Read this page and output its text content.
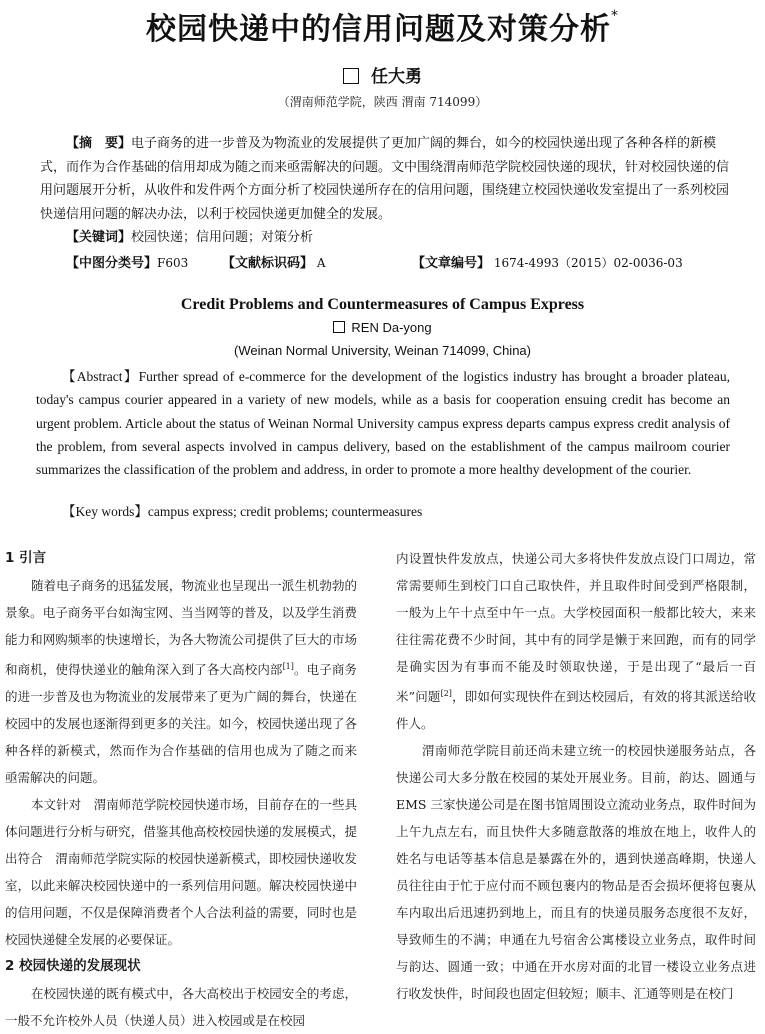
校园快递中的信用问题及对策分析*
任大勇
（渭南师范学院，陕西 渭南 714099）

【摘　要】电子商务的进一步普及为物流业的发展提供了更加广阔的舞台，如今的校园快递出现了各种各样的新模式，而作为合作基础的信用却成为随之而来亟需解决的问题。文中围绕渭南师范学院校园快递的现状，针对校园快递的信用问题展开分析，从收件和发件两个方面分析了校园快递所存在的信用问题，围绕建立校园快递收发室提出了一系列校园快递信用问题的解决办法，以利于校园快递更加健全的发展。

【关键词】校园快递；信用问题；对策分析

【中图分类号】F603	【文献标识码】 A	【文章编号】 1674-4993（2015）02-0036-03
Credit Problems and Countermeasures of Campus Express
REN Da-yong
(Weinan Normal University, Weinan 714099, China)
【Abstract】Further spread of e-commerce for the development of the logistics industry has brought a broader plateau, today's campus courier appeared in a variety of new models, while as a basis for cooperation ensuing credit has become an urgent problem. Article about the status of Weinan Normal University campus express departs campus express credit analysis of the problem, from several aspects involved in campus delivery, based on the establishment of the campus mailroom courier summarizes the classification of the problem and address, in order to promote a more healthy development of the courier.
【Key words】campus express; credit problems; countermeasures

1 引言

随着电子商务的迅猛发展，物流业也呈现出一派生机勃勃的景象。电子商务平台如淘宝网、当当网等的普及，以及学生消费能力和网购频率的快速增长，为各大物流公司提供了巨大的市场和商机，使得快递业的触角深入到了各大高校内部[1]。电子商务的进一步普及也为物流业的发展带来了更为广阔的舞台，快递在校园中的发展也逐渐得到更多的关注。如今，校园快递出现了各种各样的新模式，然而作为合作基础的信用也成为了随之而来　亟需解决的问题。

本文针对　渭南师范学院校园快递市场，目前存在的一些具体问题进行分析与研究，借鉴其他高校校园快递的发展模式，提出符合　渭南师范学院实际的校园快递新模式，即校园快递收发室，以此来解决校园快递中的一系列信用问题。解决校园快递中的信用问题，不仅是保障消费者个人合法利益的需要，同时也是校园快递健全发展的必要保证。

2 校园快递的发展现状

在校园快递的既有模式中，各大高校出于校园安全的考虑，一般不允许校外人员（快递人员）进入校园或是在校园

内设置快件发放点，快递公司大多将快件发放点设门口周边，常常需要师生到校门口自己取快件，并且取件时间受到严格限制，一般为上午十点至中午一点。大学校园面积一般都比较大，来来往往需花费不少时间，其中有的同学是懒于来回跑，而有的同学是确实因为有事而不能及时领取快递，于是出现了“最后一百米”问题[2]，即如何实现快件在到达校园后，有效的将其派送给收件人。

渭南师范学院目前还尚未建立统一的校园快递服务站点，各快递公司大多分散在校园的某处开展业务。目前，韵达、圆通与 EMS 三家快递公司是在图书馆周围设立流动业务点，取件时间为上午九点左右，而且快件大多随意散落的堆放在地上，收件人的姓名与电话等基本信息是暴露在外的，遇到快递高峰期，快递人员往往由于忙于应付而不顾包裹内的物品是否会损坏便将包裹从车内取出后迅速扔到地上，而且有的快递员服务态度很不友好，导致师生的不满；申通在九号宿舍公寓楼设立业务点，取件时间与韵达、圆通一致；中通在开水房对面的北冒一楼设立业务点进行收发快件，时间段也固定但较短；顺丰、汇通等则是在校门
